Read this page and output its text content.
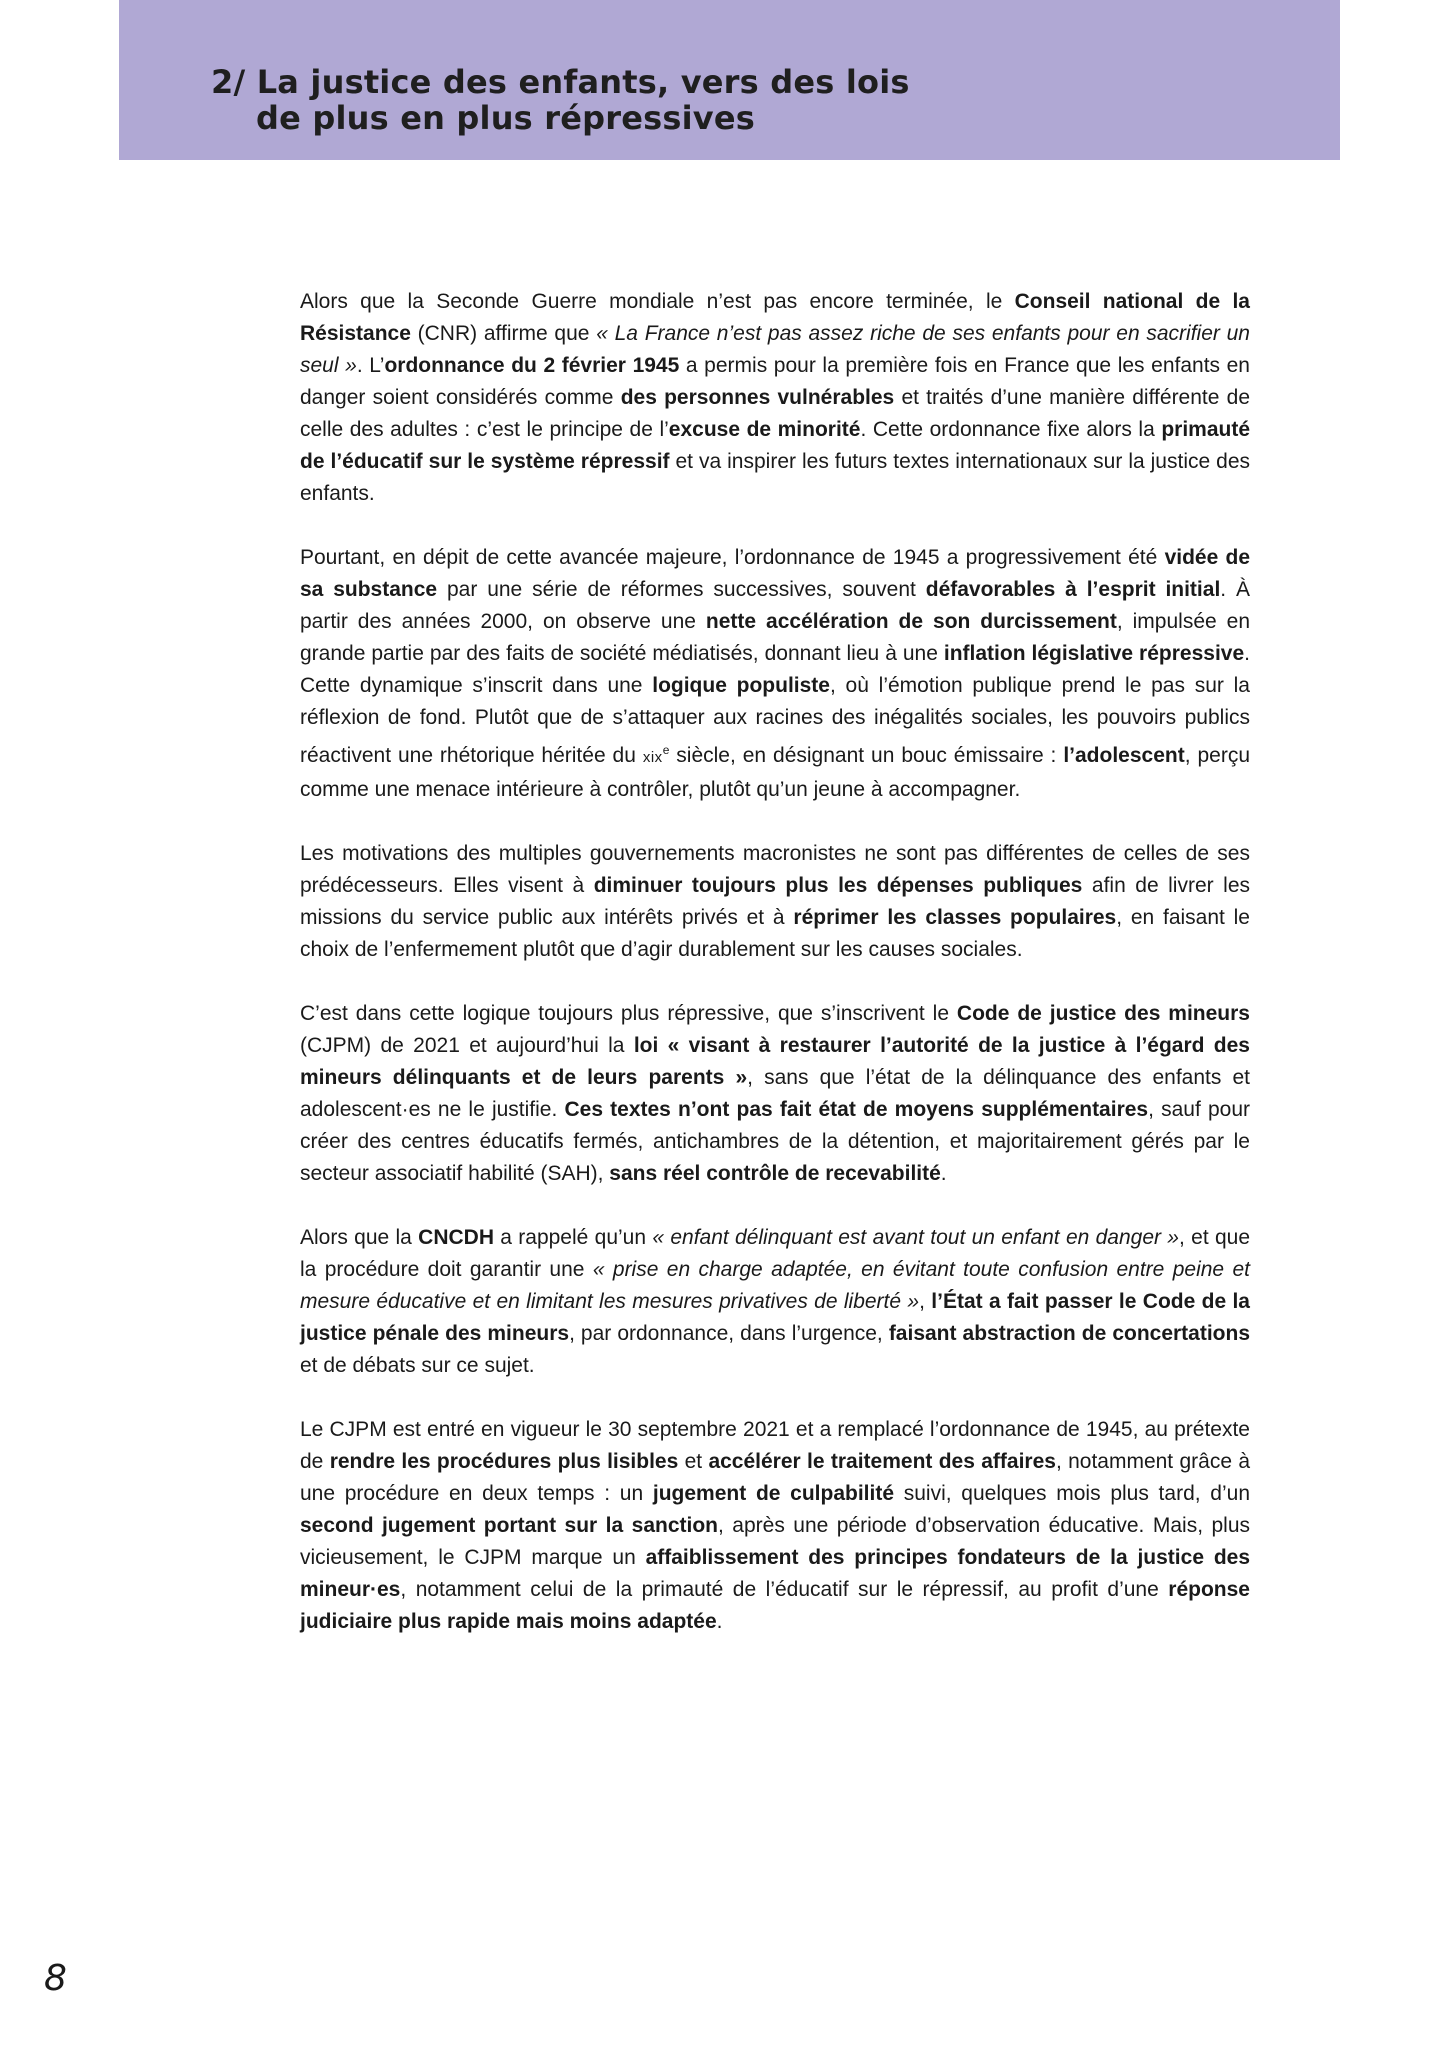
2/ La justice des enfants, vers des lois
de plus en plus répressives

Alors que la Seconde Guerre mondiale n’est pas encore terminée, le Conseil national de la Résistance (CNR) affirme que « La France n’est pas assez riche de ses enfants pour en sacrifier un seul ». L’ordonnance du 2 février 1945 a permis pour la première fois en France que les enfants en danger soient considérés comme des personnes vulnérables et traités d’une manière différente de celle des adultes : c’est le principe de l’excuse de minorité. Cette ordonnance fixe alors la primauté de l’éducatif sur le système répressif et va inspirer les futurs textes internationaux sur la justice des enfants.

Pourtant, en dépit de cette avancée majeure, l’ordonnance de 1945 a progressivement été vidée de sa substance par une série de réformes successives, souvent défavorables à l’esprit initial. À partir des années 2000, on observe une nette accélération de son durcissement, impulsée en grande partie par des faits de société médiatisés, donnant lieu à une inflation législative répressive. Cette dynamique s’inscrit dans une logique populiste, où l’émotion publique prend le pas sur la réflexion de fond. Plutôt que de s’attaquer aux racines des inégalités sociales, les pouvoirs publics réactivent une rhétorique héritée du xix$^e$ siècle, en désignant un bouc émissaire : l’adolescent, perçu comme une menace intérieure à contrôler, plutôt qu’un jeune à accompagner.

Les motivations des multiples gouvernements macronistes ne sont pas différentes de celles de ses prédécesseurs. Elles visent à diminuer toujours plus les dépenses publiques afin de livrer les missions du service public aux intérêts privés et à réprimer les classes populaires, en faisant le choix de l’enfermement plutôt que d’agir durablement sur les causes sociales.

C’est dans cette logique toujours plus répressive, que s’inscrivent le Code de justice des mineurs (CJPM) de 2021 et aujourd’hui la loi « visant à restaurer l’autorité de la justice à l’égard des mineurs délinquants et de leurs parents », sans que l’état de la délinquance des enfants et adolescent·es ne le justifie. Ces textes n’ont pas fait état de moyens supplémentaires, sauf pour créer des centres éducatifs fermés, antichambres de la détention, et majoritairement gérés par le secteur associatif habilité (SAH), sans réel contrôle de recevabilité.

Alors que la CNCDH a rappelé qu’un « enfant délinquant est avant tout un enfant en danger », et que la procédure doit garantir une « prise en charge adaptée, en évitant toute confusion entre peine et mesure éducative et en limitant les mesures privatives de liberté », l’État a fait passer le Code de la justice pénale des mineurs, par ordonnance, dans l’urgence, faisant abstraction de concertations et de débats sur ce sujet.

Le CJPM est entré en vigueur le 30 septembre 2021 et a remplacé l’ordonnance de 1945, au prétexte de rendre les procédures plus lisibles et accélérer le traitement des affaires, notamment grâce à une procédure en deux temps : un jugement de culpabilité suivi, quelques mois plus tard, d’un second jugement portant sur la sanction, après une période d’observation éducative. Mais, plus vicieusement, le CJPM marque un affaiblissement des principes fondateurs de la justice des mineur·es, notamment celui de la primauté de l’éducatif sur le répressif, au profit d’une réponse judiciaire plus rapide mais moins adaptée.

8
